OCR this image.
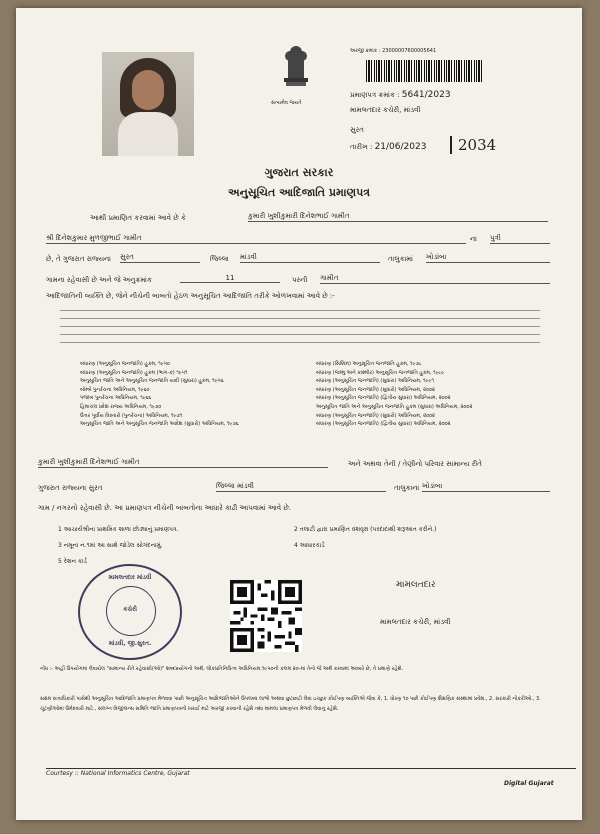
સત્યમેવ જયતે
અરજી ક્રમાંક : 23000007600005641
પ્રમાણપત્ર ક્રમાંક : 5641/2023
મામલતદાર કચેરી, માંડવી
સુરત
તારીખ : 21/06/2023	2034
ગુજરાત સરકાર
અનુસૂચિત આદિજાતિ પ્રમાણપત્ર
આથી પ્રમાણિત કરવામાં આવે છે કે	કુમારી ખુશીકુમારી દિનેશભાઈ ગામીત
શ્રી દિનેશકુમાર મુળજીભાઈ ગામીત	ના પુત્રી
છે, તે ગુજરાત રાજ્યના સુરત	જિલ્લા માંડવી	તાલુકામાં ખોડાંબા
ગામના રહેવાસી છે અને જે અનુક્રમાંક	11	પરની ગામીત
આદિજાતિની વ્યક્તિ છે, જેને નીચેની બાબતો હેઠળ અનુસૂચિત આદિજાતિ તરીકે ઓળખવામાં આવે છે :-
બંધારણ (અનુસૂચિત જનજાતિ) હુકમ, ૧૯૫૦
બંધારણ (અનુસૂચિત જનજાતિ) હુકમ (ભાગ-ક) ૧૯૫૧
અનુસૂચિત જાતિ અને અનુસૂચિત જનજાતિ યાદી (સુધારા) હુકમ, ૧૯૫૬
બોમ્બે પુનર્રચના અધિનિયમ, ૧૯૬૦
પંજાબ પુનર્રચના અધિનિયમ, ૧૯૬૬
હિમાચલ પ્રદેશ રાજ્ય અધિનિયમ, ૧૯૭૦
ઉત્તર પૂર્વીય વિસ્તારો (પુનર્રચના) અધિનિયમ, ૧૯૭૧
અનુસૂચિત જાતિ અને અનુસૂચિત જનજાતિ આદેશ (સુધારો) અધિનિયમ, ૧૯૭૬
બંધારણ (સિક્કિમ) અનુસૂચિત જનજાતિ હુકમ, ૧૯૭૮
બંધારણ (જમ્મુ અને કાશ્મીર) અનુસૂચિત જનજાતિ હુકમ, ૧૯૮૯
બંધારણ (અનુસૂચિત જનજાતિ) (સુધારા) અધિનિયમ, ૧૯૯૧
બંધારણ (અનુસૂચિત જનજાતિ) (સુધારો) અધિનિયમ, ૨૦૦૨
બંધારણ (અનુસૂચિત જનજાતિ) (દ્વિતીય સુધારા) અધિનિયમ, ૨૦૦૨
અનુસૂચિત જાતિ અને અનુસૂચિત જનજાતિ હુકમ (સુધારા) અધિનિયમ, ૨૦૦૨
બંધારણ (અનુસૂચિત જનજાતિ) (સુધારો) અધિનિયમ, ૨૦૦૨
બંધારણ (અનુસૂચિત જનજાતિ) (દ્વિતીય સુધારા) અધિનિયમ, ૨૦૦૨
કુમારી ખુશીકુમારી દિનેશભાઈ ગામીત	અને અથવા તેની / તેણીનો પરિવાર સામાન્ય રીતે
ગુજરાત રાજ્યના સુરત	જિલ્લા માંડવી	તાલુકાના ખોડાંબા
ગામ / નગરનો રહેવાસી છે. આ પ્રમાણપત્ર નીચેની બાબતોના આધારે કાઢી આપવામાં આવે છે.
1 આચાર્યશ્રીના પ્રાથમિક શાળા છોડ્યાનું પ્રમાણપત્ર.	2 તલાટી દ્વારા પ્રમાણિત વંશવૃક્ષ (પરદાદાથી શરૂઆત કરીને.)
3 નમૂના ન.૧માં આ સાથે જોડેલ સોગંદનામું.	4 આધારકાર્ડ
5 રેશન કાર્ડ
મામલતદાર માંડવી
કચેરી
માંડવી, જી.સુરત.
મામલતદાર
મામલતદાર કચેરી, માંડવી
નોંધ :- અહીં ઉપયોગમાં લેવાયેલ "સામાન્ય રીતે રહેવાસી(ઓ)" શબ્દપ્રયોગનો અર્થ, લોકપ્રતિનિધિત્વ અધિનિયમ,૧૯૫૦ની કલમ ૨૦-માં તેનો જે અર્થ કરવામાં આવ્યો છે, તે પ્રમાણે રહેશે.
સક્ષમ સત્તાધિકારી પાસેથી અનુસૂચિત આદિજાતિ પ્રમાણપત્ર મેળવવા પાછી અનુસૂચિત આદિજાતિઓને ઉપલબ્ધ લાભો અથવા છુટછાટો લેવા ઇચ્છુક કોઈપણ વ્યક્તિએ જેવા કે, 1. ધોરણ ૧૦ પછી કોઈપણ શૈક્ષણિક સંસ્થામાં પ્રવેશ., 2. સરકારી નોકરીઓ., 3. ચૂંટણીઓમાં ઉમેદવારી માટે., સંલગ્ન વિજીલન્સ સમિતિ જાતિ પ્રમાણપત્રની ખરાઈ માટે અરજી કરવાની રહેશે તથા મામલા પ્રમાણપત્ર મેળવી લેવાનું રહેશે.
Courtesy :: National Informatics Centre, Gujarat
Digital Gujarat
